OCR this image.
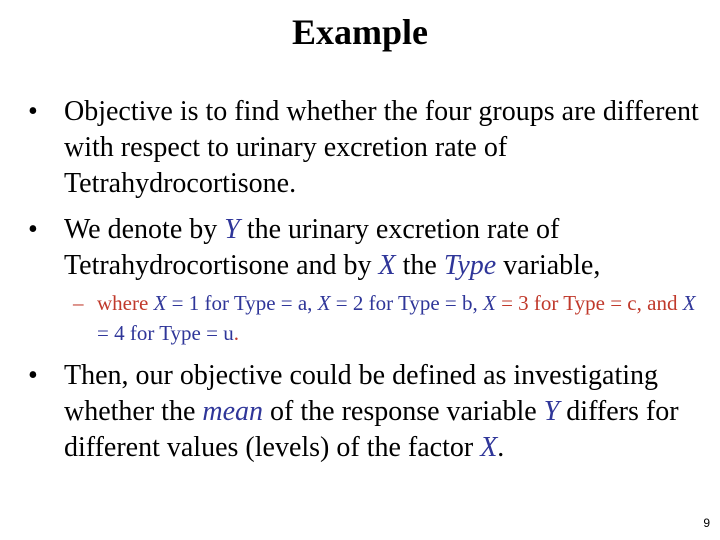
Example
• Objective is to find whether the four groups are different with respect to urinary excretion rate of Tetrahydrocortisone.
• We denote by Y the urinary excretion rate of Tetrahydrocortisone and by X the Type variable,
– where X = 1 for Type = a, X = 2 for Type = b, X = 3 for Type = c, and X = 4 for Type = u.
• Then, our objective could be defined as investigating whether the mean of the response variable Y differs for different values (levels) of the factor X.
9
